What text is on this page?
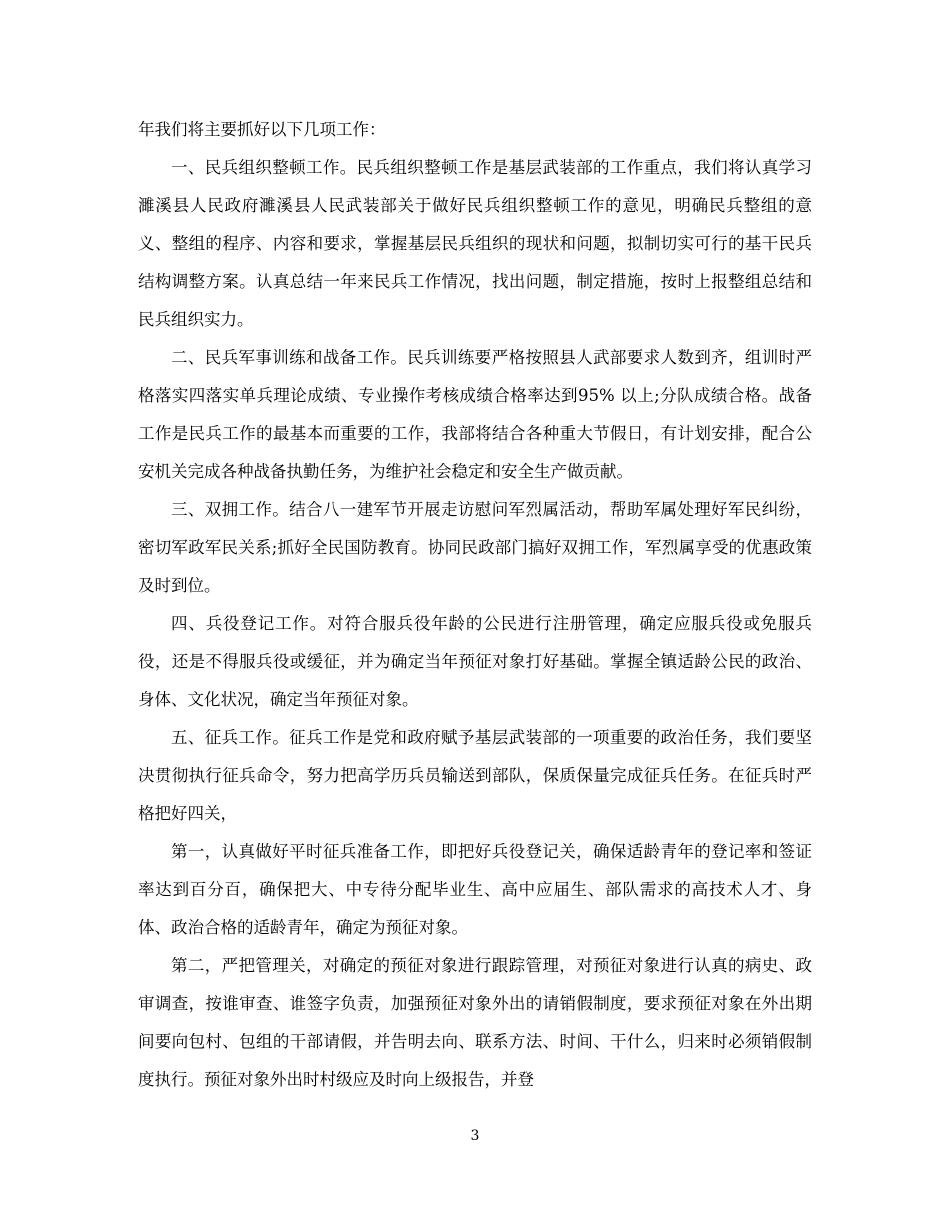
年我们将主要抓好以下几项工作：

一、民兵组织整顿工作。民兵组织整顿工作是基层武装部的工作重点，我们将认真学习濉溪县人民政府濉溪县人民武装部关于做好民兵组织整顿工作的意见，明确民兵整组的意义、整组的程序、内容和要求，掌握基层民兵组织的现状和问题，拟制切实可行的基干民兵结构调整方案。认真总结一年来民兵工作情况，找出问题，制定措施，按时上报整组总结和民兵组织实力。

二、民兵军事训练和战备工作。民兵训练要严格按照县人武部要求人数到齐，组训时严格落实四落实单兵理论成绩、专业操作考核成绩合格率达到95% 以上;分队成绩合格。战备工作是民兵工作的最基本而重要的工作，我部将结合各种重大节假日，有计划安排，配合公安机关完成各种战备执勤任务，为维护社会稳定和安全生产做贡献。

三、双拥工作。结合八一建军节开展走访慰问军烈属活动，帮助军属处理好军民纠纷，密切军政军民关系;抓好全民国防教育。协同民政部门搞好双拥工作，军烈属享受的优惠政策及时到位。

四、兵役登记工作。对符合服兵役年龄的公民进行注册管理，确定应服兵役或免服兵役，还是不得服兵役或缓征，并为确定当年预征对象打好基础。掌握全镇适龄公民的政治、身体、文化状况，确定当年预征对象。

五、征兵工作。征兵工作是党和政府赋予基层武装部的一项重要的政治任务，我们要坚决贯彻执行征兵命令，努力把高学历兵员输送到部队，保质保量完成征兵任务。在征兵时严格把好四关，

第一，认真做好平时征兵准备工作，即把好兵役登记关，确保适龄青年的登记率和签证率达到百分百，确保把大、中专待分配毕业生、高中应届生、部队需求的高技术人才、身体、政治合格的适龄青年，确定为预征对象。

第二，严把管理关，对确定的预征对象进行跟踪管理，对预征对象进行认真的病史、政审调查，按谁审查、谁签字负责，加强预征对象外出的请销假制度，要求预征对象在外出期间要向包村、包组的干部请假，并告明去向、联系方法、时间、干什么，归来时必须销假制度执行。预征对象外出时村级应及时向上级报告，并登

3
